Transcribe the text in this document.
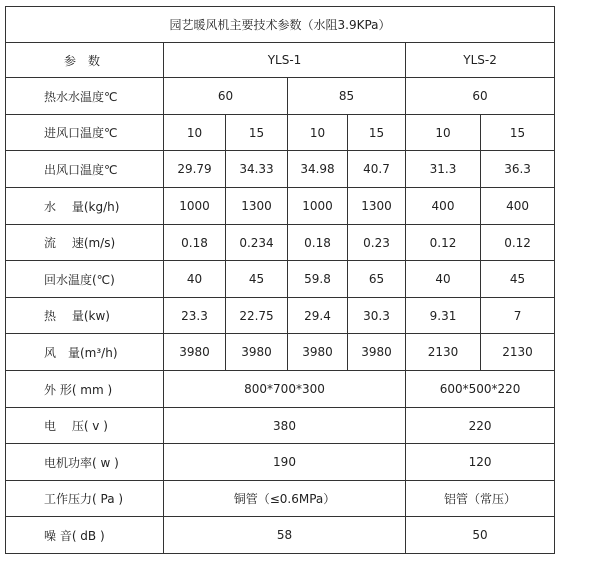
园艺暖风机主要技术参数（水阻3.9KPa）						
参　数	YLS-1				YLS-2	
热水水温度℃	60		85		60	
进风口温度℃	10	15	10	15	10	15
出风口温度℃	29.79	34.33	34.98	40.7	31.3	36.3
水　 量(kg/h)	1000	1300	1000	1300	400	400
流　 速(m/s)	0.18	0.234	0.18	0.23	0.12	0.12
回水温度(℃)	40	45	59.8	65	40	45
热　 量(kw)	23.3	22.75	29.4	30.3	9.31	7
风　量(m³/h)	3980	3980	3980	3980	2130	2130
外 形( mm )	800*700*300				600*500*220	
电　 压( v )	380				220	
电机功率( w )	190				120	
工作压力( Pa )	铜管（≤0.6MPa）				铝管（常压）	
噪 音( dB )	58				50	
